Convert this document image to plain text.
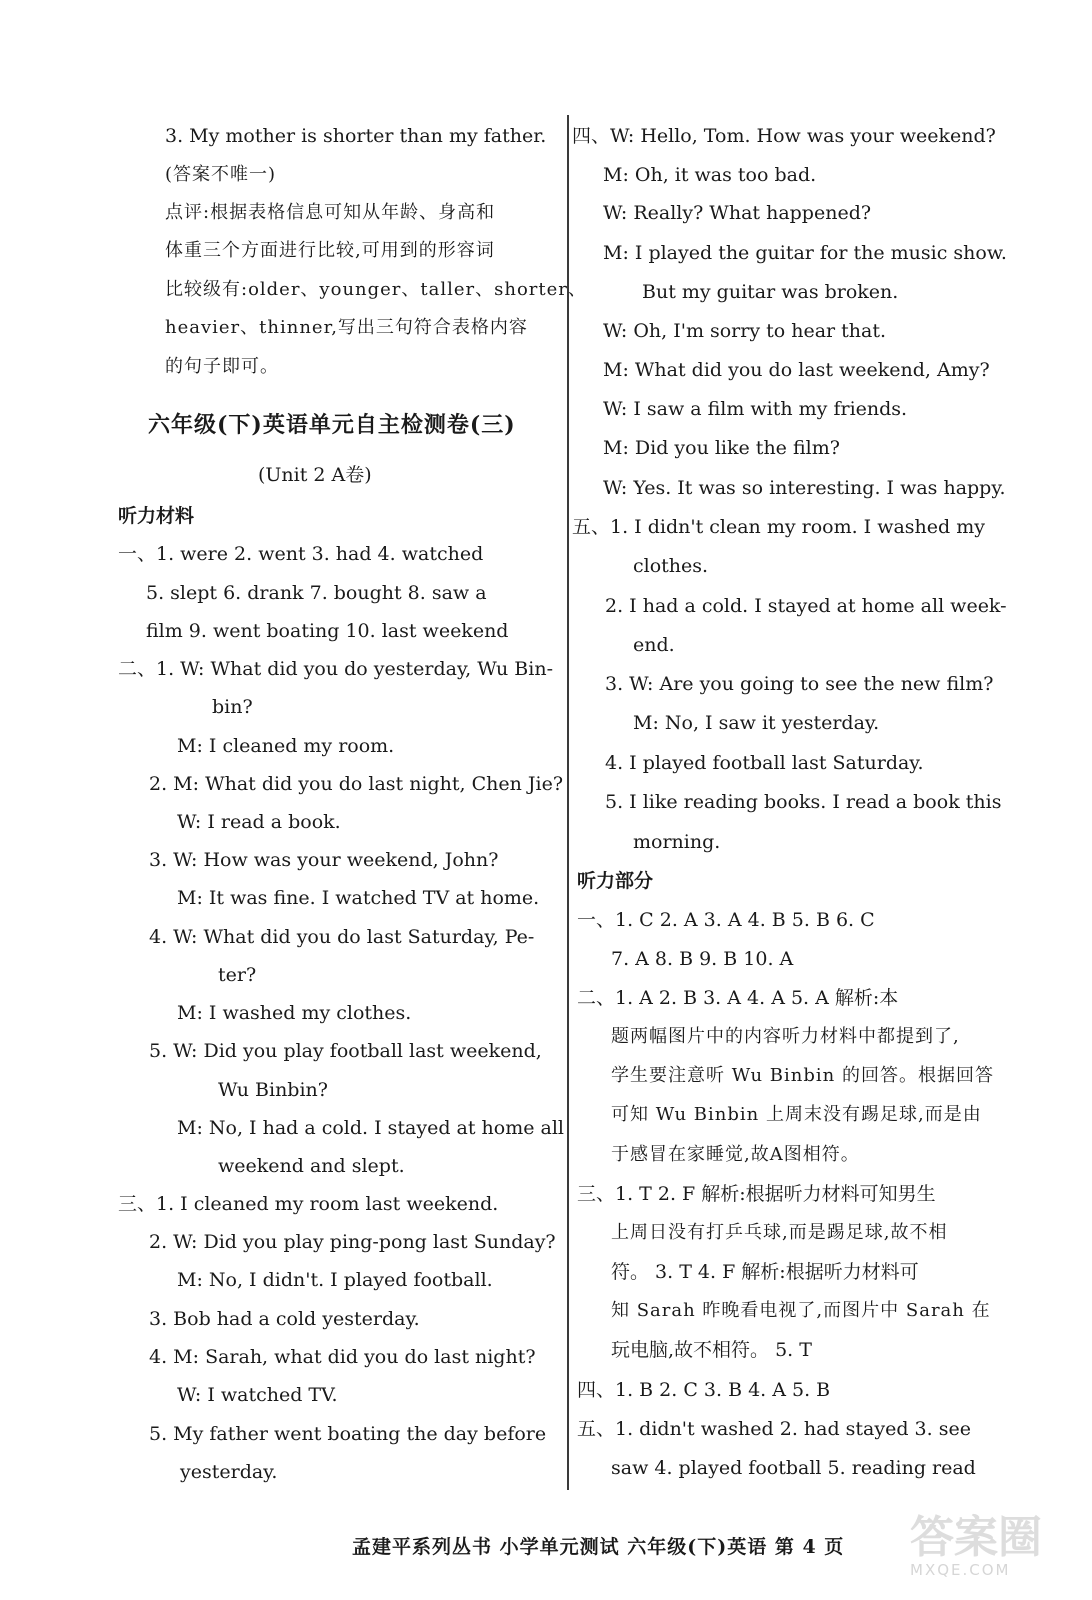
六年级(下)英语单元自主检测卷(三)
(Unit 2 A卷)
听力材料
3. My mother is shorter than my father.
(答案不唯一)
点评:根据表格信息可知从年龄、身高和
体重三个方面进行比较,可用到的形容词
比较级有:older、younger、taller、shorter、
heavier、thinner,写出三句符合表格内容
的句子即可。
一、1. were 2. went 3. had 4. watched
5. slept 6. drank 7. bought 8. saw a
film 9. went boating 10. last weekend
二、1. W: What did you do yesterday, Wu Bin-
bin?
M: I cleaned my room.
2. M: What did you do last night, Chen Jie?
W: I read a book.
3. W: How was your weekend, John?
M: It was fine. I watched TV at home.
4. W: What did you do last Saturday, Pe-
ter?
M: I washed my clothes.
5. W: Did you play football last weekend,
Wu Binbin?
M: No, I had a cold. I stayed at home all
weekend and slept.
三、1. I cleaned my room last weekend.
2. W: Did you play ping-pong last Sunday?
M: No, I didn't. I played football.
3. Bob had a cold yesterday.
4. M: Sarah, what did you do last night?
W: I watched TV.
5. My father went boating the day before
yesterday.
听力部分
四、W: Hello, Tom. How was your weekend?
M: Oh, it was too bad.
W: Really? What happened?
M: I played the guitar for the music show.
But my guitar was broken.
W: Oh, I'm sorry to hear that.
M: What did you do last weekend, Amy?
W: I saw a film with my friends.
M: Did you like the film?
W: Yes. It was so interesting. I was happy.
五、1. I didn't clean my room. I washed my
clothes.
2. I had a cold. I stayed at home all week-
end.
3. W: Are you going to see the new film?
M: No, I saw it yesterday.
4. I played football last Saturday.
5. I like reading books. I read a book this
morning.
一、1. C 2. A 3. A 4. B 5. B 6. C
7. A 8. B 9. B 10. A
二、1. A 2. B 3. A 4. A 5. A 解析:本
题两幅图片中的内容听力材料中都提到了,
学生要注意听 Wu Binbin 的回答。根据回答
可知 Wu Binbin 上周末没有踢足球,而是由
于感冒在家睡觉,故A图相符。
三、1. T 2. F 解析:根据听力材料可知男生
上周日没有打乒乓球,而是踢足球,故不相
符。 3. T 4. F 解析:根据听力材料可
知 Sarah 昨晚看电视了,而图片中 Sarah 在
玩电脑,故不相符。 5. T
四、1. B 2. C 3. B 4. A 5. B
五、1. didn't washed 2. had stayed 3. see
saw 4. played football 5. reading read
孟建平系列丛书 小学单元测试 六年级(下)英语 第 4 页 答案圈
MXQE.COM
